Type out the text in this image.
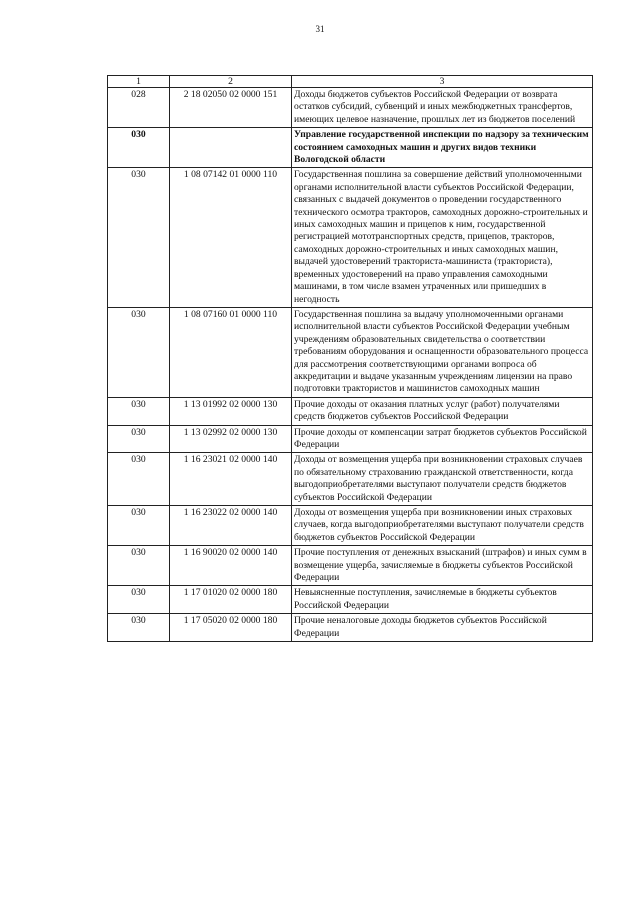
31
1	2	3
028	2 18 02050 02 0000 151	Доходы бюджетов субъектов Российской Федерации от возврата остатков субсидий, субвенций и иных межбюджетных трансфертов, имеющих целевое назначение, прошлых лет из бюджетов поселений
030		Управление государственной инспекции по надзору за техническим состоянием самоходных машин и других видов техники Вологодской области
030	1 08 07142 01 0000 110	Государственная пошлина за совершение действий уполномоченными органами исполнительной власти субъектов Российской Федерации, связанных с выдачей документов о проведении государственного технического осмотра тракторов, самоходных дорожно-строительных и иных самоходных машин и прицепов к ним, государственной регистрацией мототранспортных средств, прицепов, тракторов, самоходных дорожно-строительных и иных самоходных машин, выдачей удостоверений тракториста-машиниста (тракториста), временных удостоверений на право управления самоходными машинами, в том числе взамен утраченных или пришедших в негодность
030	1 08 07160 01 0000 110	Государственная пошлина за выдачу уполномоченными органами исполнительной власти субъектов Российской Федерации учебным учреждениям образовательных свидетельства о соответствии требованиям оборудования и оснащенности образовательного процесса для рассмотрения соответствующими органами вопроса об аккредитации и выдаче указанным учреждениям лицензии на право подготовки трактористов и машинистов самоходных машин
030	1 13 01992 02 0000 130	Прочие доходы от оказания платных услуг (работ) получателями средств бюджетов субъектов Российской Федерации
030	1 13 02992 02 0000 130	Прочие доходы от компенсации затрат бюджетов субъектов Российской Федерации
030	1 16 23021 02 0000 140	Доходы от возмещения ущерба при возникновении страховых случаев по обязательному страхованию гражданской ответственности, когда выгодоприобретателями выступают получатели средств бюджетов субъектов Российской Федерации
030	1 16 23022 02 0000 140	Доходы от возмещения ущерба при возникновении иных страховых случаев, когда выгодоприобретателями выступают получатели средств бюджетов субъектов Российской Федерации
030	1 16 90020 02 0000 140	Прочие поступления от денежных взысканий (штрафов) и иных сумм в возмещение ущерба, зачисляемые в бюджеты субъектов Российской Федерации
030	1 17 01020 02 0000 180	Невыясненные поступления, зачисляемые в бюджеты субъектов Российской Федерации
030	1 17 05020 02 0000 180	Прочие неналоговые доходы бюджетов субъектов Российской Федерации
